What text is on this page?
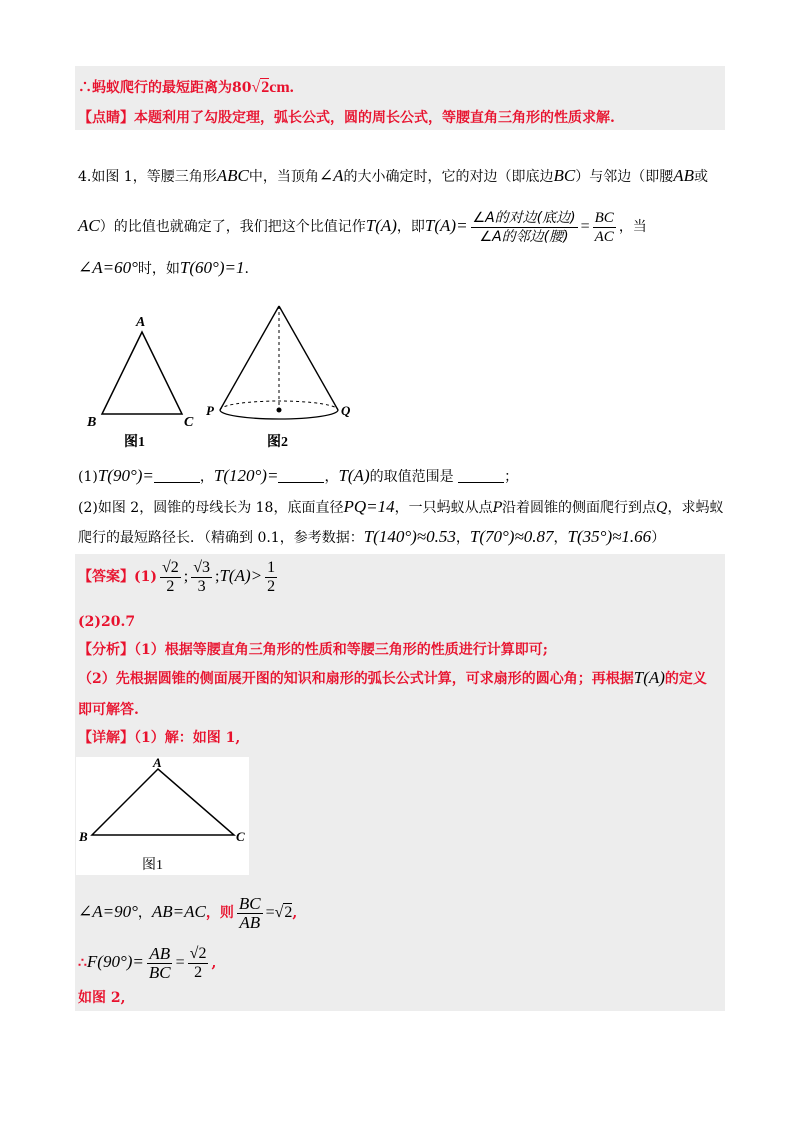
∴蚂蚁爬行的最短距离为80√2cm.
【点睛】本题利用了勾股定理，弧长公式，圆的周长公式，等腰直角三角形的性质求解.
4.如图 1，等腰三角形ABC中，当顶角∠A的大小确定时，它的对边（即底边BC）与邻边（即腰AB或
AC）的比值也就确定了，我们把这个比值记作T(A)，即$T(A)= \frac{\text{∠A的对边(底边)}}{\text{∠A的邻边(腰)}} = \frac{BC}{AC}$ ，当
∠A=60°时，如T(60°)=1.
A
B	C
图1
P	Q
图2
(1)T(90°)=	，T(120°)=	，T(A)的取值范围是	；
(2)如图 2，圆锥的母线长为 18，底面直径PQ=14，一只蚂蚁从点P沿着圆锥的侧面爬行到点Q，求蚂蚁
爬行的最短路径长．（精确到 0.1，参考数据：T(140°)≈0.53，T(70°)≈0.87，T(35°)≈1.66）
【答案】$(1) \frac{√2}{2}$ ; $\frac{√3}{3}$ ;T(A)> $\frac{1}{2}$
(2)20.7
【分析】（1）根据等腰直角三角形的性质和等腰三角形的性质进行计算即可;
（2）先根据圆锥的侧面展开图的知识和扇形的弧长公式计算，可求扇形的圆心角；再根据T(A)的定义
即可解答.
【详解】（1）解：如图 1,
A
B	C
图1
∠A=90°，AB=AC，则 $\frac{BC}{AB} =√2$,
∴F(90°)= $\frac{AB}{BC} = \frac{√2}{2}$ ,
如图 2,
